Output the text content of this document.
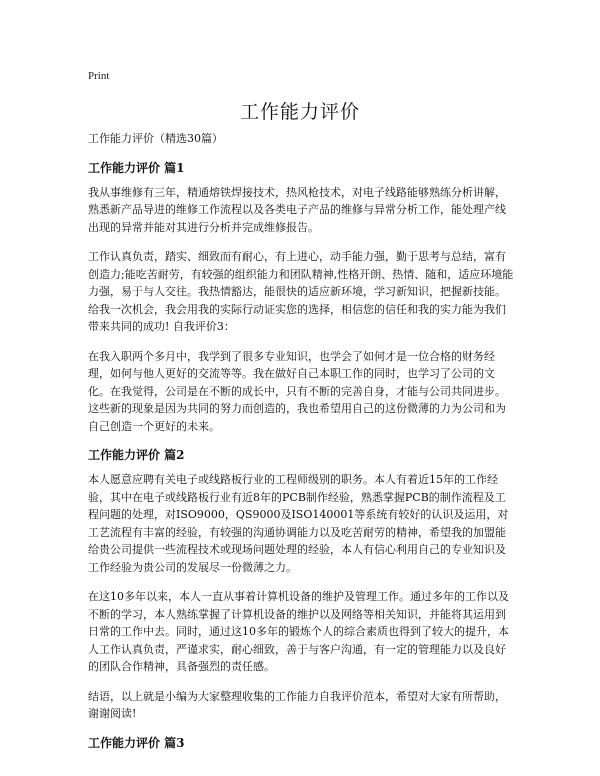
Print
工作能力评价

工作能力评价（精选30篇）

工作能力评价 篇1

我从事维修有三年，精通熔铁焊接技术，热风枪技术，对电子线路能够熟练分析讲解，熟悉新产品导进的维修工作流程以及各类电子产品的维修与异常分析工作，能处理产线出现的异常并能对其进行分析并完成维修报告。

工作认真负责，踏实、细致而有耐心，有上进心，动手能力强，勤于思考与总结，富有创造力;能吃苦耐劳，有较强的组织能力和团队精神,性格开朗、热情、随和，适应环境能力强，易于与人交往。我热情豁达，能很快的适应新环境，学习新知识，把握新技能。给我一次机会，我会用我的实际行动证实您的选择，相信您的信任和我的实力能为我们带来共同的成功! 自我评价3：

在我入职两个多月中，我学到了很多专业知识，也学会了如何才是一位合格的财务经理，如何与他人更好的交流等等。我在做好自己本职工作的同时，也学习了公司的文化。在我觉得，公司是在不断的成长中，只有不断的完善自身，才能与公司共同进步。这些新的现象是因为共同的努力而创造的，我也希望用自己的这份微薄的力为公司和为自己创造一个更好的未来。

工作能力评价 篇2

本人愿意应聘有关电子或线路板行业的工程师级别的职务。本人有着近15年的工作经验，其中在电子或线路板行业有近8年的PCB制作经验，熟悉掌握PCB的制作流程及工程问题的处理，对ISO9000，QS9000及ISO140001等系统有较好的认识及运用，对工艺流程有丰富的经验，有较强的沟通协调能力以及吃苦耐劳的精神，希望我的加盟能给贵公司提供一些流程技术或现场问题处理的经验，本人有信心利用自己的专业知识及工作经验为贵公司的发展尽一份微薄之力。

在这10多年以来，本人一直从事着计算机设备的维护及管理工作。通过多年的工作以及不断的学习，本人熟练掌握了计算机设备的维护以及网络等相关知识，并能将其运用到日常的工作中去。同时，通过这10多年的锻炼个人的综合素质也得到了较大的提升，本人工作认真负责，严谨求实，耐心细致，善于与客户沟通，有一定的管理能力以及良好的团队合作精神，具备强烈的责任感。

结语，以上就是小编为大家整理收集的工作能力自我评价范本，希望对大家有所帮助，谢谢阅读!

工作能力评价 篇3
